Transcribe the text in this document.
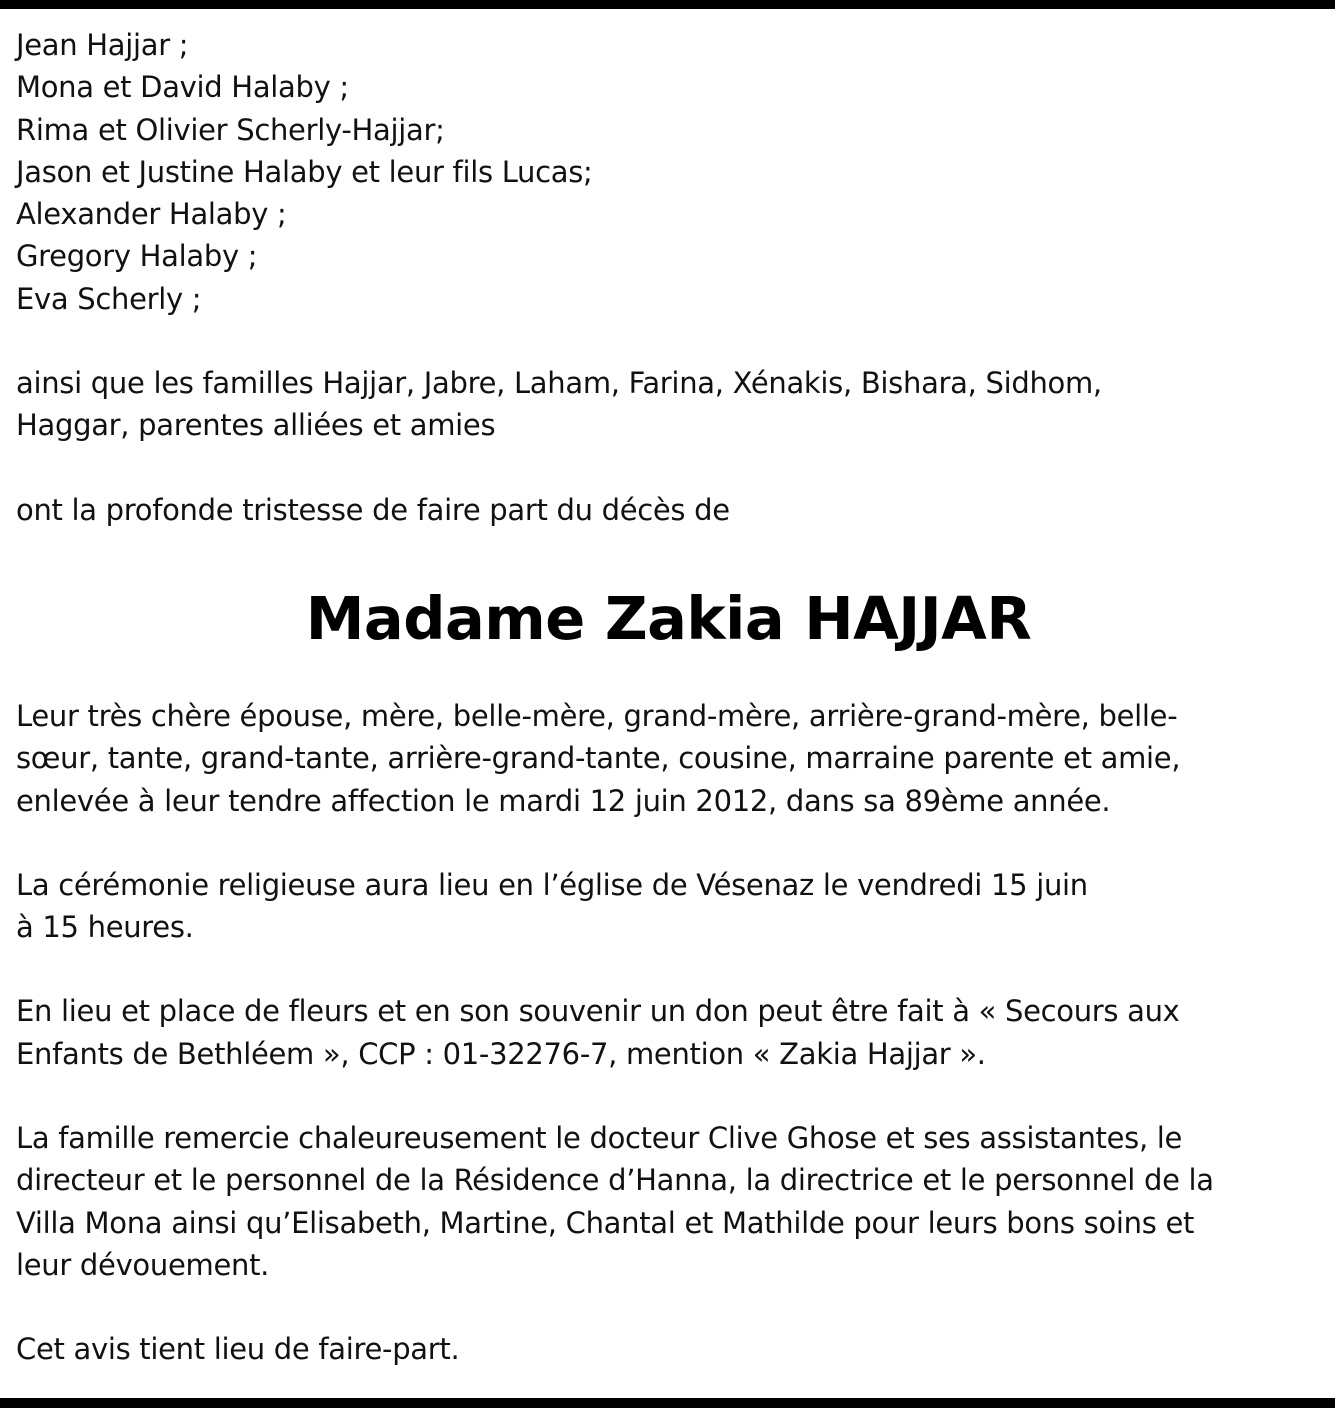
Jean Hajjar ;
Mona et David Halaby ;
Rima et Olivier Scherly-Hajjar;
Jason et Justine Halaby et leur fils Lucas;
Alexander Halaby ;
Gregory Halaby ;
Eva Scherly ;
ainsi que les familles Hajjar, Jabre, Laham, Farina, Xénakis, Bishara, Sidhom,
Haggar, parentes alliées et amies
ont la profonde tristesse de faire part du décès de
Madame Zakia HAJJAR
Leur très chère épouse, mère, belle-mère, grand-mère, arrière-grand-mère, belle-
sœur, tante, grand-tante, arrière-grand-tante, cousine, marraine parente et amie,
enlevée à leur tendre affection le mardi 12 juin 2012, dans sa 89ème année.
La cérémonie religieuse aura lieu en l’église de Vésenaz le vendredi 15 juin
à 15 heures.
En lieu et place de fleurs et en son souvenir un don peut être fait à « Secours aux
Enfants de Bethléem », CCP : 01-32276-7, mention « Zakia Hajjar ».
La famille remercie chaleureusement le docteur Clive Ghose et ses assistantes, le
directeur et le personnel de la Résidence d’Hanna, la directrice et le personnel de la
Villa Mona ainsi qu’Elisabeth, Martine, Chantal et Mathilde pour leurs bons soins et
leur dévouement.
Cet avis tient lieu de faire-part.
